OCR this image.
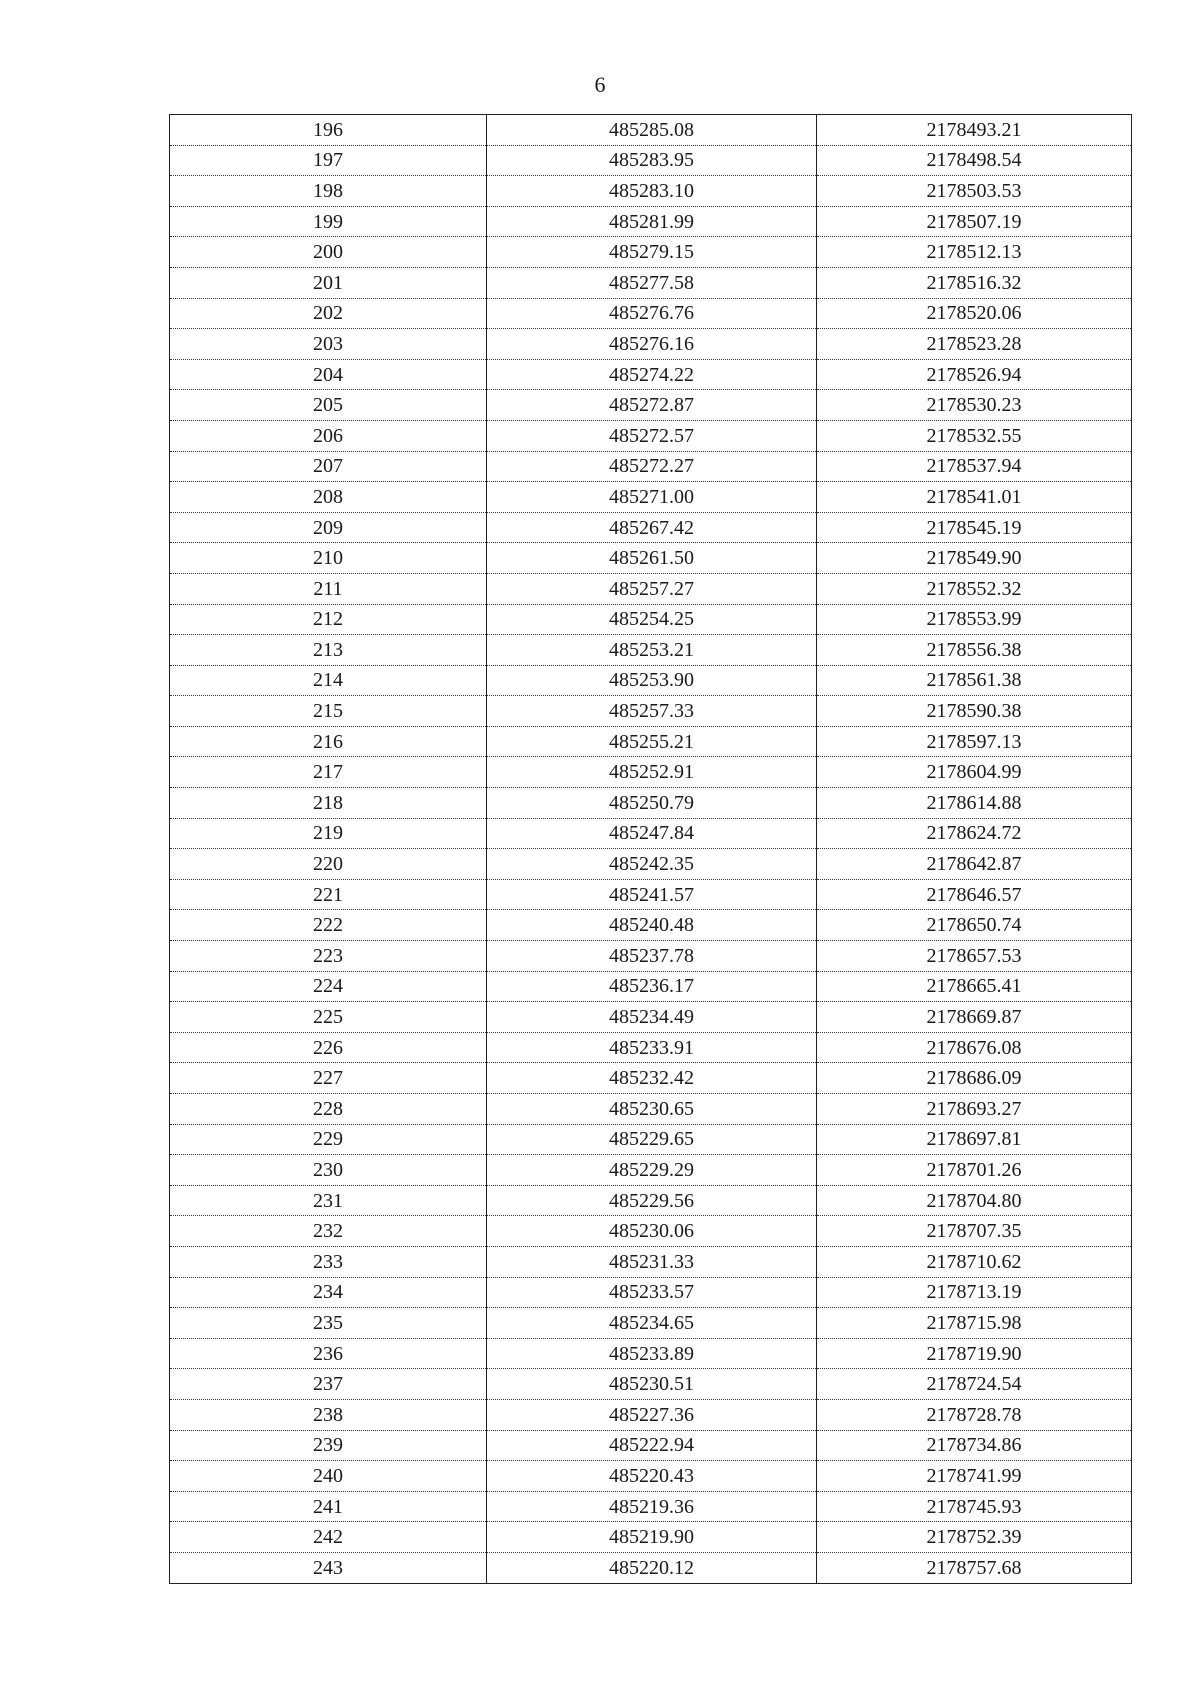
6
196	485285.08	2178493.21
197	485283.95	2178498.54
198	485283.10	2178503.53
199	485281.99	2178507.19
200	485279.15	2178512.13
201	485277.58	2178516.32
202	485276.76	2178520.06
203	485276.16	2178523.28
204	485274.22	2178526.94
205	485272.87	2178530.23
206	485272.57	2178532.55
207	485272.27	2178537.94
208	485271.00	2178541.01
209	485267.42	2178545.19
210	485261.50	2178549.90
211	485257.27	2178552.32
212	485254.25	2178553.99
213	485253.21	2178556.38
214	485253.90	2178561.38
215	485257.33	2178590.38
216	485255.21	2178597.13
217	485252.91	2178604.99
218	485250.79	2178614.88
219	485247.84	2178624.72
220	485242.35	2178642.87
221	485241.57	2178646.57
222	485240.48	2178650.74
223	485237.78	2178657.53
224	485236.17	2178665.41
225	485234.49	2178669.87
226	485233.91	2178676.08
227	485232.42	2178686.09
228	485230.65	2178693.27
229	485229.65	2178697.81
230	485229.29	2178701.26
231	485229.56	2178704.80
232	485230.06	2178707.35
233	485231.33	2178710.62
234	485233.57	2178713.19
235	485234.65	2178715.98
236	485233.89	2178719.90
237	485230.51	2178724.54
238	485227.36	2178728.78
239	485222.94	2178734.86
240	485220.43	2178741.99
241	485219.36	2178745.93
242	485219.90	2178752.39
243	485220.12	2178757.68
